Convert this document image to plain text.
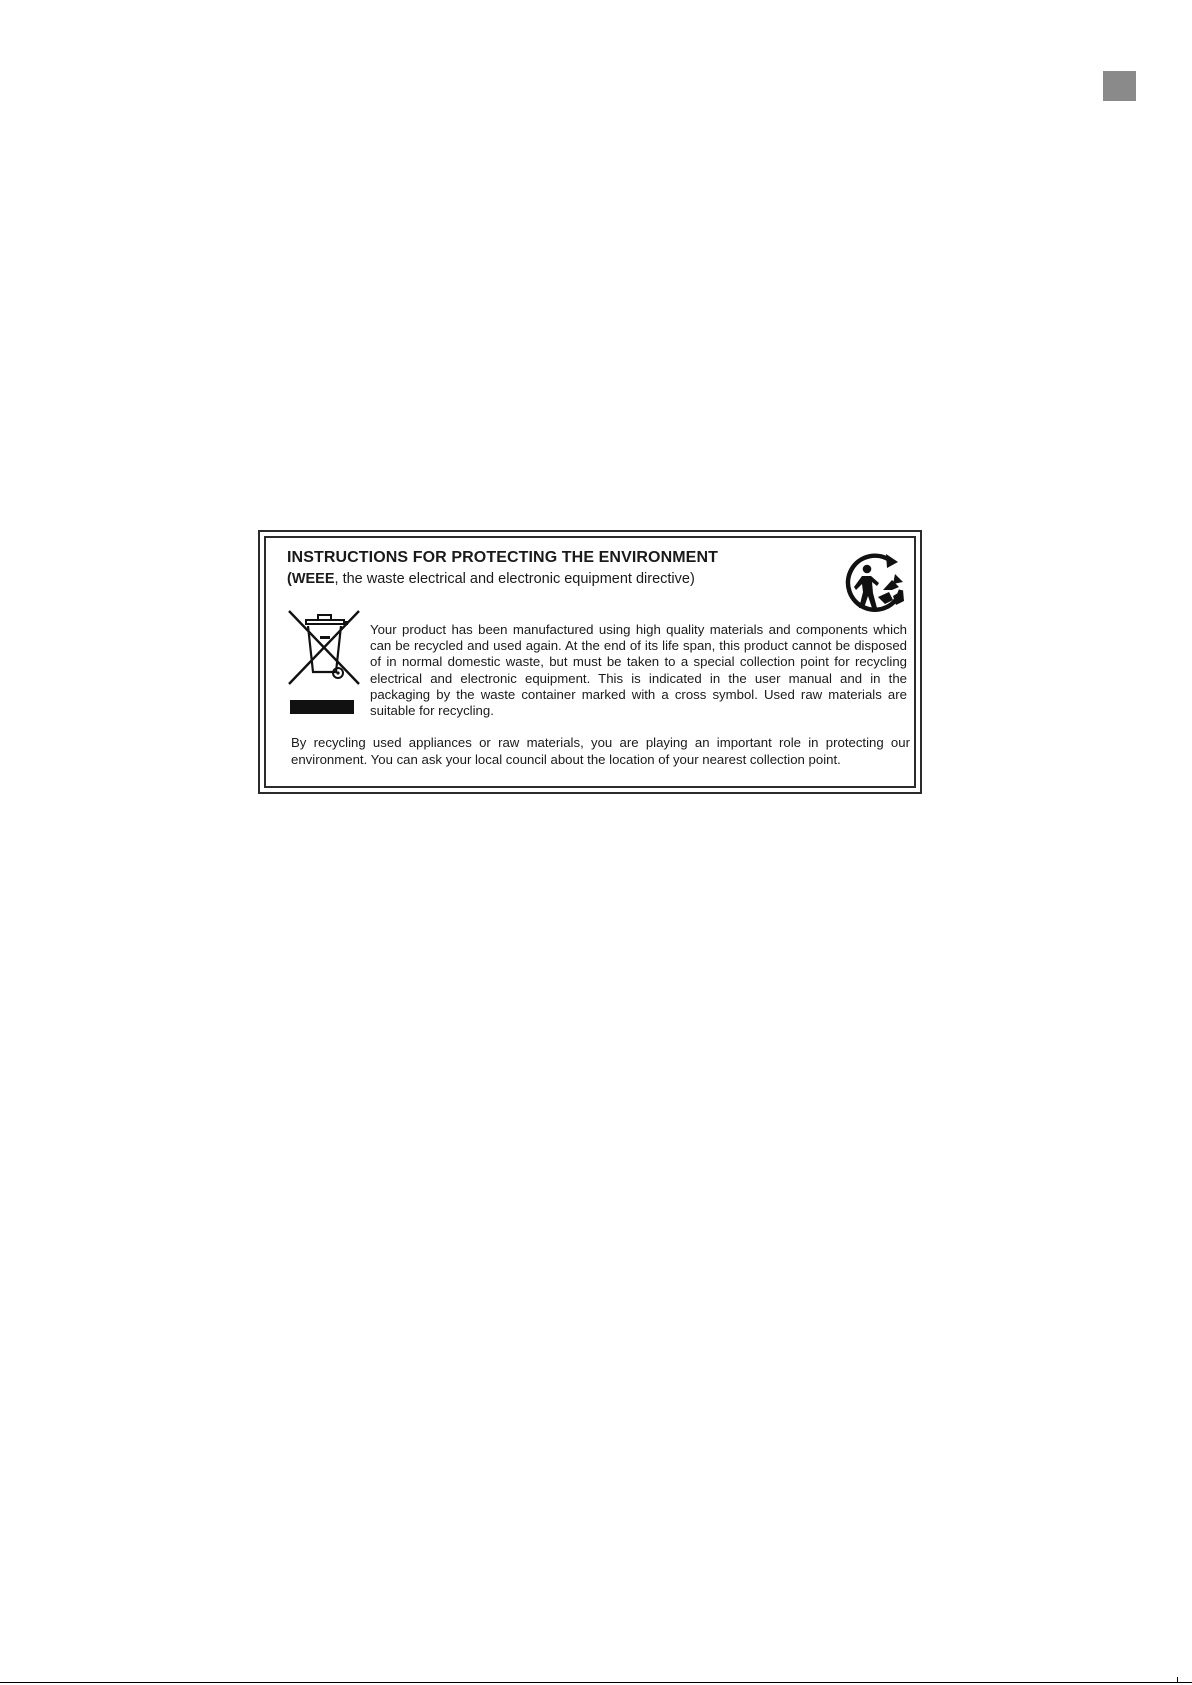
INSTRUCTIONS FOR PROTECTING THE ENVIRONMENT
(WEEE, the waste electrical and electronic equipment directive)
Your product has been manufactured using high quality materials and components which can be recycled and used again. At the end of its life span, this product cannot be disposed of in normal domestic waste, but must be taken to a special collection point for recycling electrical and electronic equipment. This is indicated in the user manual and in the packaging by the waste container marked with a cross symbol. Used raw materials are suitable for recycling.
By recycling used appliances or raw materials, you are playing an important role in protecting our environment. You can ask your local council about the location of your nearest collection point.
